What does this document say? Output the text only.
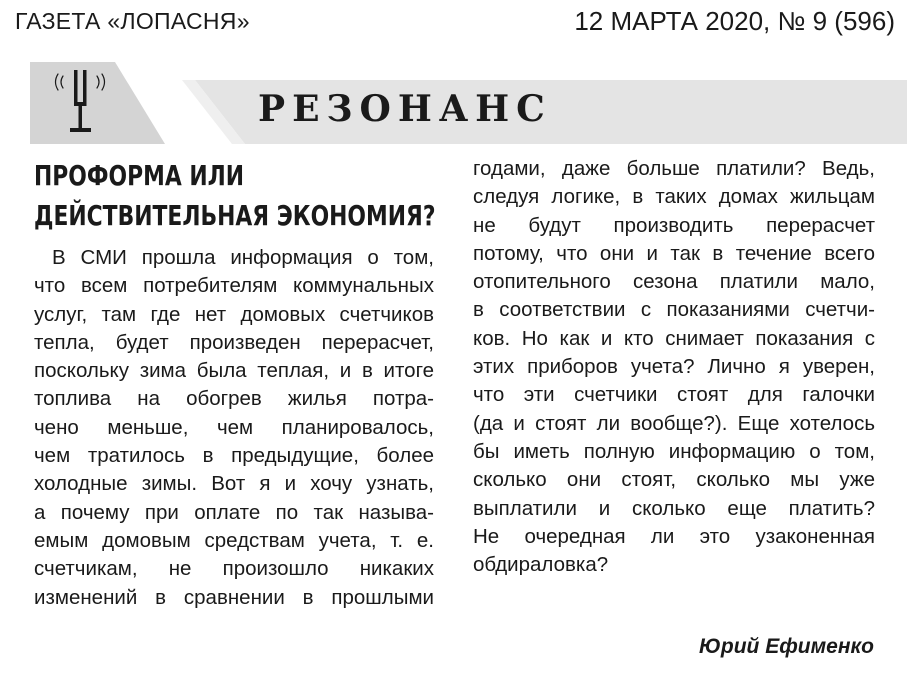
ГАЗЕТА «ЛОПАСНЯ»	12 МАРТА 2020, № 9 (596)
РЕЗОНАНС
ПРОФОРМА ИЛИ
ДЕЙСТВИТЕЛЬНАЯ ЭКОНОМИЯ?
В СМИ прошла информация о том,
что всем потребителям коммунальных
услуг, там где нет домовых счетчиков
тепла, будет произведен перерасчет,
поскольку зима была теплая, и в итоге
топлива на обогрев жилья потра-
чено меньше, чем планировалось,
чем тратилось в предыдущие, более
холодные зимы. Вот я и хочу узнать,
а почему при оплате по так называ-
емым домовым средствам учета, т. е.
счетчикам, не произошло никаких
изменений в сравнении в прошлыми
годами, даже больше платили? Ведь,
следуя логике, в таких домах жильцам
не будут производить перерасчет
потому, что они и так в течение всего
отопительного сезона платили мало,
в соответствии с показаниями счетчи-
ков. Но как и кто снимает показания с
этих приборов учета? Лично я уверен,
что эти счетчики стоят для галочки
(да и стоят ли вообще?). Еще хотелось
бы иметь полную информацию о том,
сколько они стоят, сколько мы уже
выплатили и сколько еще платить?
Не очередная ли это узаконенная
обдираловка?
Юрий Ефименко
